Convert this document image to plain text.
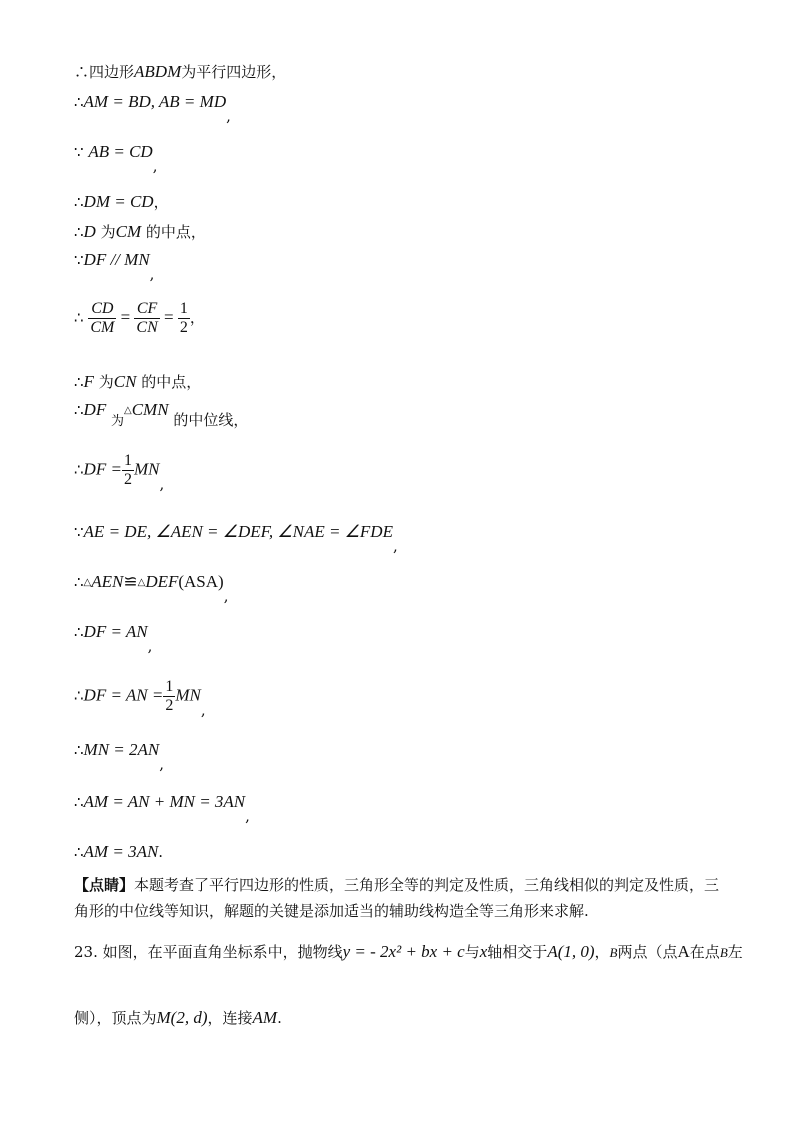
∴四边形ABDM为平行四边形，
∴AM = BD, AB = MD,
∵ AB = CD,
∴DM = CD，
∴D 为CM 的中点，
∵DF // MN,
∴ $\frac{CD}{CM} = \frac{CF}{CN} = \frac{1}{2}$ ，
∴F 为CN 的中点，
∴DF 为△CMN 的中位线，
∴DF = $\frac{1}{2}$ MN,
∵AE = DE, ∠AEN = ∠DEF, ∠NAE = ∠FDE,
∴△AEN≌△DEF(ASA),
∴DF = AN,
∴DF = AN = $\frac{1}{2}$ MN,
∴MN = 2AN,
∴AM = AN + MN = 3AN,
∴AM = 3AN.
【点睛】本题考查了平行四边形的性质，三角形全等的判定及性质，三角线相似的判定及性质，三角形的中位线等知识，解题的关键是添加适当的辅助线构造全等三角形来求解.
23. 如图，在平面直角坐标系中，抛物线y = - 2x² + bx + c与x轴相交于A(1, 0)，B两点（点A在点B左
侧），顶点为M(2, d)，连接AM.
